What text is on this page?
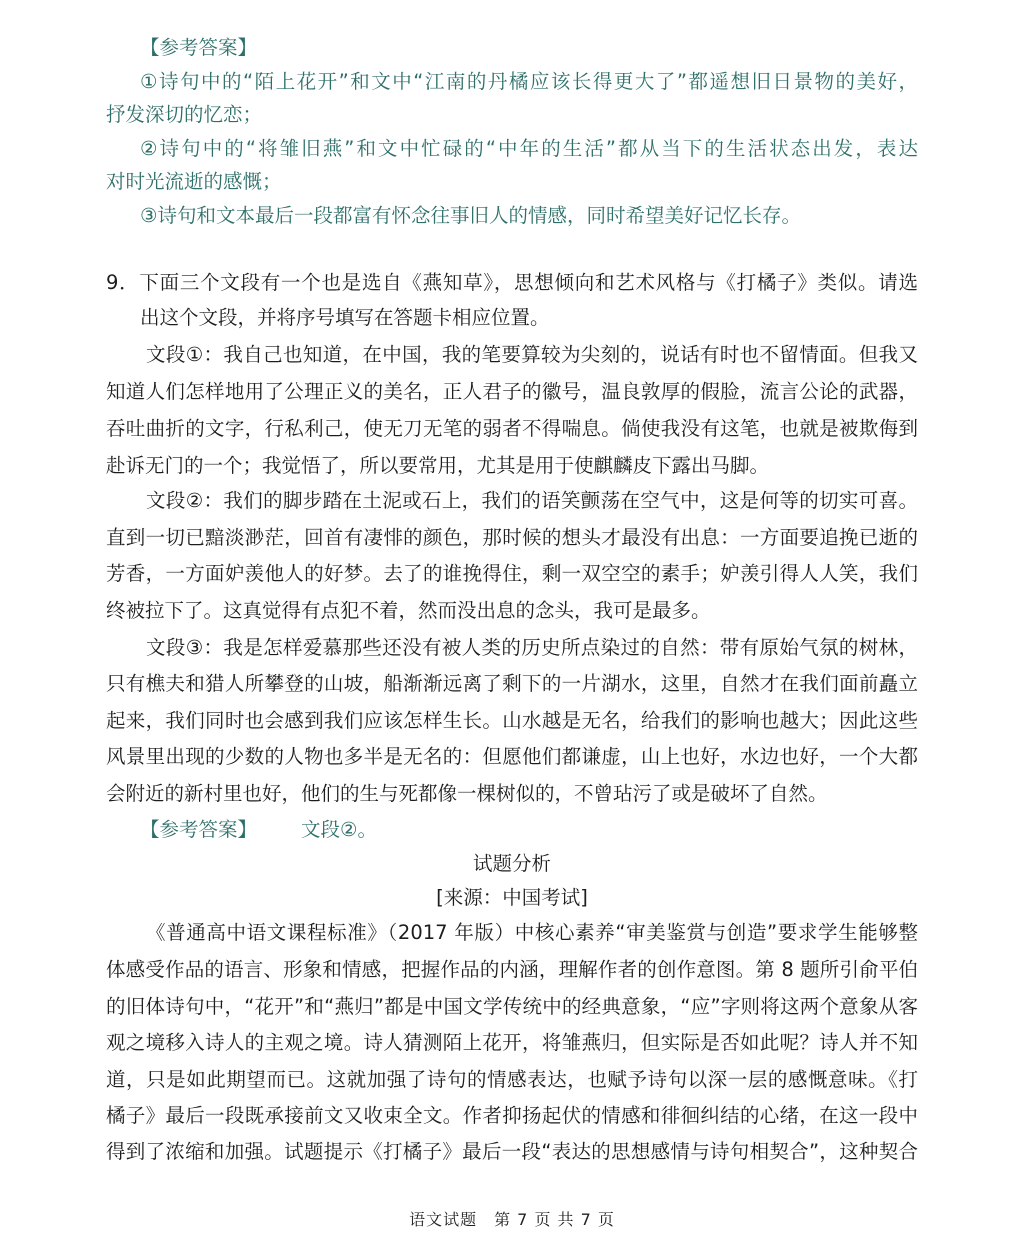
【参考答案】
①诗句中的“陌上花开”和文中“江南的丹橘应该长得更大了”都遥想旧日景物的美好，
抒发深切的忆恋；
②诗句中的“将雏旧燕”和文中忙碌的“中年的生活”都从当下的生活状态出发，表达
对时光流逝的感慨；
③诗句和文本最后一段都富有怀念往事旧人的情感，同时希望美好记忆长存。
9．下面三个文段有一个也是选自《燕知草》，思想倾向和艺术风格与《打橘子》类似。请选
出这个文段，并将序号填写在答题卡相应位置。
文段①：我自己也知道，在中国，我的笔要算较为尖刻的，说话有时也不留情面。但我又
知道人们怎样地用了公理正义的美名，正人君子的徽号，温良敦厚的假脸，流言公论的武器，
吞吐曲折的文字，行私利己，使无刀无笔的弱者不得喘息。倘使我没有这笔，也就是被欺侮到
赴诉无门的一个；我觉悟了，所以要常用，尤其是用于使麒麟皮下露出马脚。
文段②：我们的脚步踏在土泥或石上，我们的语笑颤荡在空气中，这是何等的切实可喜。
直到一切已黯淡渺茫，回首有凄悱的颜色，那时候的想头才最没有出息：一方面要追挽已逝的
芳香，一方面妒羡他人的好梦。去了的谁挽得住，剩一双空空的素手；妒羡引得人人笑，我们
终被拉下了。这真觉得有点犯不着，然而没出息的念头，我可是最多。
文段③：我是怎样爱慕那些还没有被人类的历史所点染过的自然：带有原始气氛的树林，
只有樵夫和猎人所攀登的山坡，船渐渐远离了剩下的一片湖水，这里，自然才在我们面前矗立
起来，我们同时也会感到我们应该怎样生长。山水越是无名，给我们的影响也越大；因此这些
风景里出现的少数的人物也多半是无名的：但愿他们都谦虚，山上也好，水边也好，一个大都
会附近的新村里也好，他们的生与死都像一棵树似的，不曾玷污了或是破坏了自然。
【参考答案】 文段②。
试题分析
[来源：中国考试]
《普通高中语文课程标准》（2017 年版）中核心素养“审美鉴赏与创造”要求学生能够整
体感受作品的语言、形象和情感，把握作品的内涵，理解作者的创作意图。第 8 题所引俞平伯
的旧体诗句中，“花开”和“燕归”都是中国文学传统中的经典意象，“应”字则将这两个意象从客
观之境移入诗人的主观之境。诗人猜测陌上花开，将雏燕归，但实际是否如此呢？诗人并不知
道，只是如此期望而已。这就加强了诗句的情感表达，也赋予诗句以深一层的感慨意味。《打
橘子》最后一段既承接前文又收束全文。作者抑扬起伏的情感和徘徊纠结的心绪，在这一段中
得到了浓缩和加强。试题提示《打橘子》最后一段“表达的思想感情与诗句相契合”，这种契合
语文试题　第 7 页 共 7 页
